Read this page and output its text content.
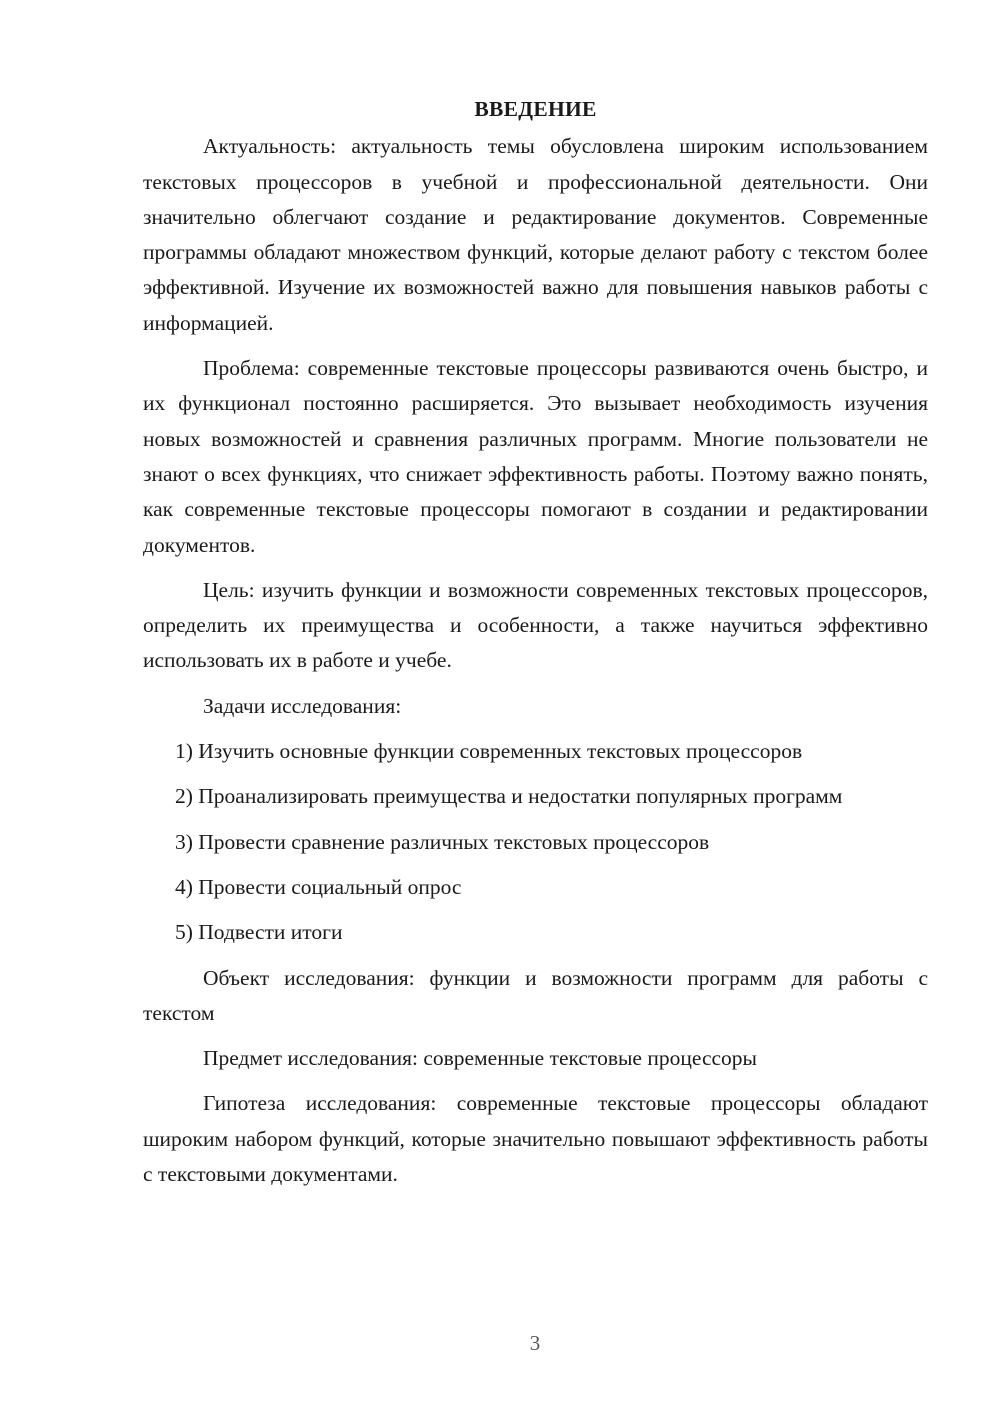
ВВЕДЕНИЕ

Актуальность: актуальность темы обусловлена широким использованием текстовых процессоров в учебной и профессиональной деятельности. Они значительно облегчают создание и редактирование документов. Современные программы обладают множеством функций, которые делают работу с текстом более эффективной. Изучение их возможностей важно для повышения навыков работы с информацией.

Проблема: современные текстовые процессоры развиваются очень быстро, и их функционал постоянно расширяется. Это вызывает необходимость изучения новых возможностей и сравнения различных программ. Многие пользователи не знают о всех функциях, что снижает эффективность работы. Поэтому важно понять, как современные текстовые процессоры помогают в создании и редактировании документов.

Цель: изучить функции и возможности современных текстовых процессоров, определить их преимущества и особенности, а также научиться эффективно использовать их в работе и учебе.

Задачи исследования:

1) Изучить основные функции современных текстовых процессоров

2) Проанализировать преимущества и недостатки популярных программ

3) Провести сравнение различных текстовых процессоров

4) Провести социальный опрос

5) Подвести итоги

Объект исследования: функции и возможности программ для работы с текстом

Предмет исследования: современные текстовые процессоры

Гипотеза исследования: современные текстовые процессоры обладают широким набором функций, которые значительно повышают эффективность работы с текстовыми документами.

3
